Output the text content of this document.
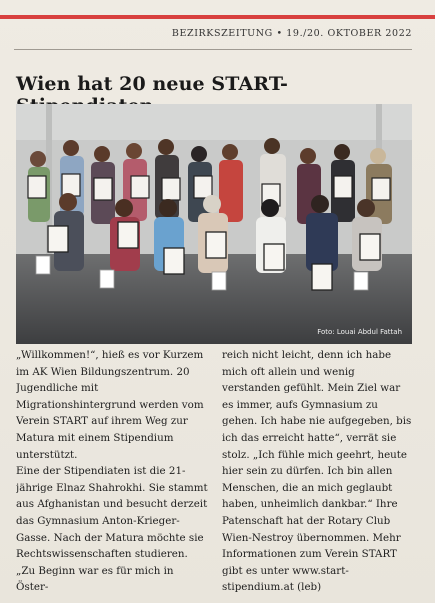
BEZIRKSZEITUNG • 19./20. OKTOBER 2022
Wien hat 20 neue START-
Foto: Louai Abdul Fattah

„Willkommen!“, hieß es vor Kurzem im AK Wien Bildungszentrum. 20 Jugendliche mit Migrationshintergrund werden vom Verein START auf ihrem Weg zur Matura mit einem Stipendium unterstützt.

Eine der Stipendiaten ist die 21-jährige Elnaz Shahrokhi. Sie stammt aus Afghanistan und besucht derzeit das Gymnasium Anton-Krieger-Gasse. Nach der Matura möchte sie Rechtswissenschaften studieren. „Zu Beginn war es für mich in Öster-

reich nicht leicht, denn ich habe mich oft allein und wenig verstanden gefühlt. Mein Ziel war es immer, aufs Gymnasium zu gehen. Ich habe nie aufgegeben, bis ich das erreicht hatte“, verrät sie stolz. „Ich fühle mich geehrt, heute hier sein zu dürfen. Ich bin allen Menschen, die an mich geglaubt haben, unheimlich dankbar.“ Ihre Patenschaft hat der Rotary Club Wien-Nestroy übernommen. Mehr Informationen zum Verein START gibt es unter www.start-stipendium.at (leb)
